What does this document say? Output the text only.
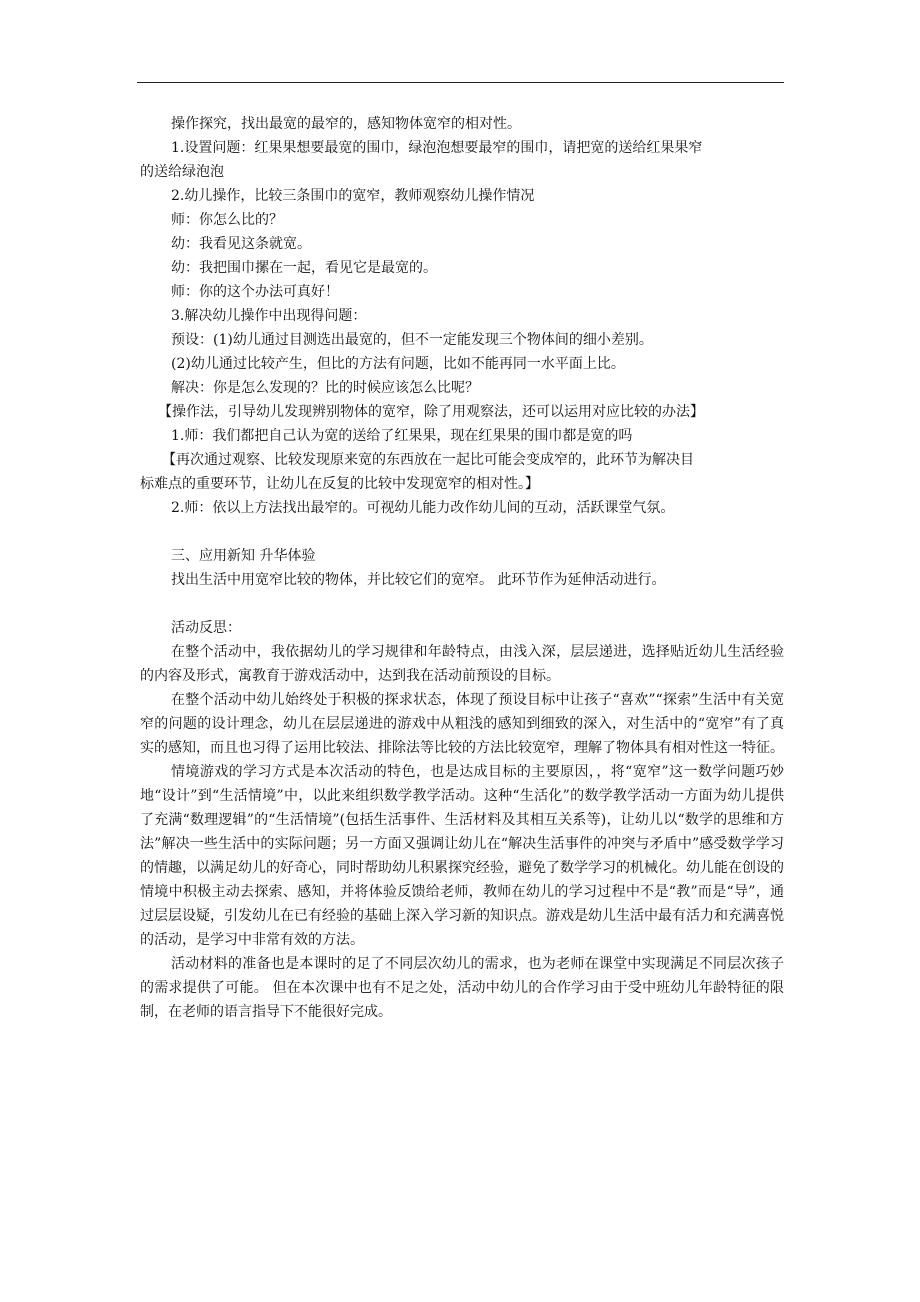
操作探究，找出最宽的最窄的，感知物体宽窄的相对性。
1.设置问题：红果果想要最宽的围巾，绿泡泡想要最窄的围巾，请把宽的送给红果果窄
的送给绿泡泡
2.幼儿操作，比较三条围巾的宽窄，教师观察幼儿操作情况
师：你怎么比的？
幼：我看见这条就宽。
幼：我把围巾摞在一起，看见它是最宽的。
师：你的这个办法可真好！
3.解决幼儿操作中出现得问题：
预设：(1)幼儿通过目测选出最宽的，但不一定能发现三个物体间的细小差别。
(2)幼儿通过比较产生，但比的方法有问题，比如不能再同一水平面上比。
解决：你是怎么发现的？比的时候应该怎么比呢？
【操作法，引导幼儿发现辨别物体的宽窄，除了用观察法，还可以运用对应比较的办法】
1.师：我们都把自己认为宽的送给了红果果，现在红果果的围巾都是宽的吗
【再次通过观察、比较发现原来宽的东西放在一起比可能会变成窄的，此环节为解决目
标难点的重要环节，让幼儿在反复的比较中发现宽窄的相对性。】
2.师：依以上方法找出最窄的。可视幼儿能力改作幼儿间的互动，活跃课堂气氛。
三、应用新知 升华体验
找出生活中用宽窄比较的物体，并比较它们的宽窄。 此环节作为延伸活动进行。
活动反思：
在整个活动中，我依据幼儿的学习规律和年龄特点，由浅入深，层层递进，选择贴近幼儿生活经验的内容及形式，寓教育于游戏活动中，达到我在活动前预设的目标。
在整个活动中幼儿始终处于积极的探求状态，体现了预设目标中让孩子“喜欢”“探索”生活中有关宽窄的问题的设计理念，幼儿在层层递进的游戏中从粗浅的感知到细致的深入，对生活中的“宽窄”有了真实的感知，而且也习得了运用比较法、排除法等比较的方法比较宽窄，理解了物体具有相对性这一特征。
情境游戏的学习方式是本次活动的特色，也是达成目标的主要原因，，将“宽窄”这一数学问题巧妙地“设计”到“生活情境”中，以此来组织数学教学活动。这种“生活化”的数学教学活动一方面为幼儿提供了充满“数理逻辑”的“生活情境”(包括生活事件、生活材料及其相互关系等)，让幼儿以“数学的思维和方法”解决一些生活中的实际问题；另一方面又强调让幼儿在“解决生活事件的冲突与矛盾中”感受数学学习的情趣，以满足幼儿的好奇心，同时帮助幼儿积累探究经验，避免了数学学习的机械化。幼儿能在创设的情境中积极主动去探索、感知，并将体验反馈给老师，教师在幼儿的学习过程中不是“教”而是“导”，通过层层设疑，引发幼儿在已有经验的基础上深入学习新的知识点。游戏是幼儿生活中最有活力和充满喜悦的活动，是学习中非常有效的方法。
活动材料的准备也是本课时的足了不同层次幼儿的需求，也为老师在课堂中实现满足不同层次孩子的需求提供了可能。 但在本次课中也有不足之处，活动中幼儿的合作学习由于受中班幼儿年龄特征的限制，在老师的语言指导下不能很好完成。
